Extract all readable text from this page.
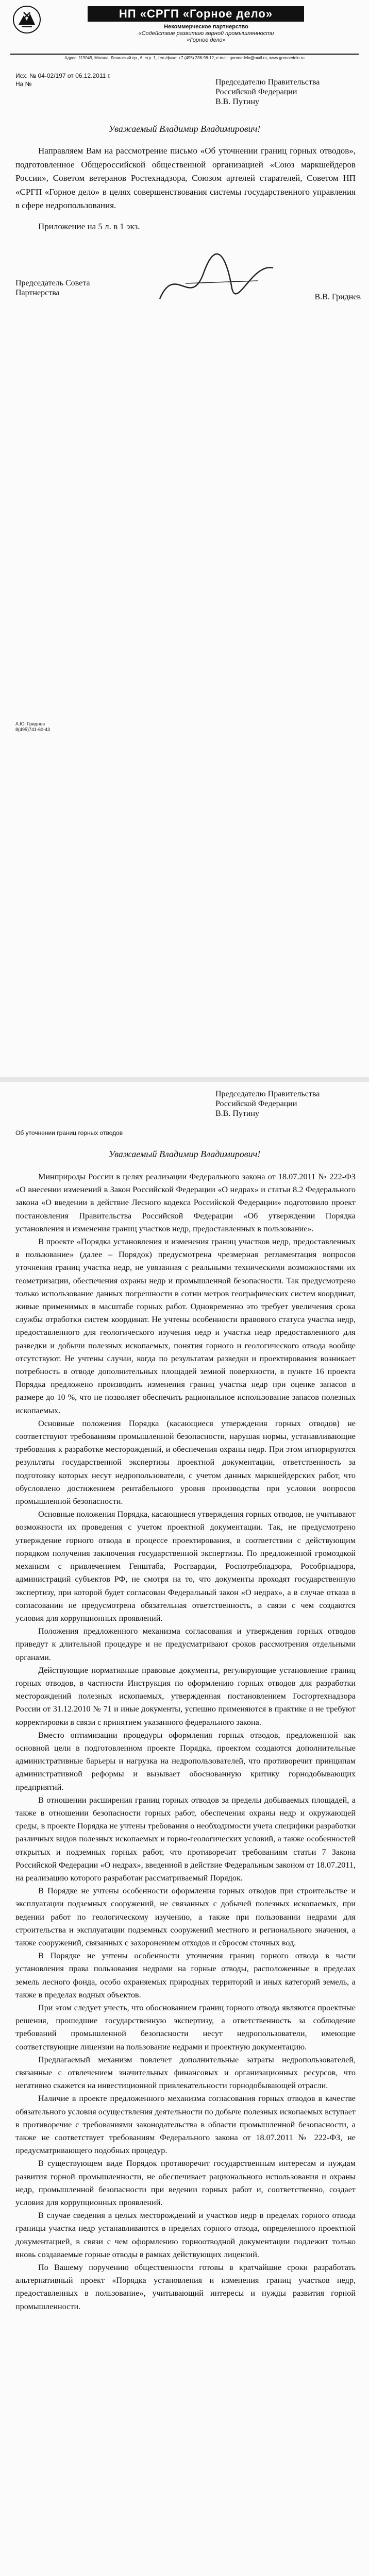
НП «СРГП «Горное дело»
Некоммерческое партнерство
«Содействие развитию горной промышленности
«Горное дело»
Адрес: 119049, Москва, Ленинский пр., 6, стр. 1, тел./факс: +7 (495) 236-98-12, e-mail: gornoedelo@mail.ru, www.gornoedelo.ru
Исх. № 04-02/197 от 06.12.2011 г.
На №	Председателю Правительства
Российской Федерации
В.В. Путину
Уважаемый Владимир Владимирович!

Направляем Вам на рассмотрение письмо «Об уточнении границ горных отводов», подготовленное Общероссийской общественной организацией «Союз маркшейдеров России», Советом ветеранов Ростехнадзора, Союзом артелей старателей, Советом НП «СРГП «Горное дело» в целях совершенствования системы государственного управления в сфере недропользования.

Приложение на 5 л. в 1 экз.

Председатель Совета
Партнерства	В.В. Гриднев
А.Ю. Гриднев
8(495)741-60-43
Председателю Правительства
Российской Федерации
В.В. Путину
Об уточнении границ горных отводов
Уважаемый Владимир Владимирович!

Минприроды России в целях реализации Федерального закона от 18.07.2011 № 222-ФЗ «О внесении изменений в Закон Российской Федерации «О недрах» и статьи 8.2 Федерального закона «О введении в действие Лесного кодекса Российской Федерации» подготовило проект постановления Правительства Российской Федерации «Об утверждении Порядка установления и изменения границ участков недр, предоставленных в пользование».

В проекте «Порядка установления и изменения границ участков недр, предоставленных в пользование» (далее – Порядок) предусмотрена чрезмерная регламентация вопросов уточнения границ участка недр, не увязанная с реальными техническими возможностями их геометризации, обеспечения охраны недр и промышленной безопасности. Так предусмотрено только использование данных погрешности в сотни метров географических систем координат, живые применимых в масштабе горных работ. Одновременно это требует увеличения срока службы отработки систем координат. Не учтены особенности правового статуса участка недр, предоставленного для геологического изучения недр и участка недр предоставленного для разведки и добычи полезных ископаемых, понятия горного и геологического отвода вообще отсутствуют. Не учтены случаи, когда по результатам разведки и проектирования возникает потребность в отводе дополнительных площадей земной поверхности, в пункте 16 проекта Порядка предложено производить изменения границ участка недр при оценке запасов в размере до 10 %, что не позволяет обеспечить рациональное использование запасов полезных ископаемых.

Основные положения Порядка (касающиеся утверждения горных отводов) не соответствуют требованиям промышленной безопасности, нарушая нормы, устанавливающие требования к разработке месторождений, и обеспечения охраны недр. При этом игнорируются результаты государственной экспертизы проектной документации, ответственность за подготовку которых несут недропользователи, с учетом данных маркшейдерских работ, что обусловлено достижением рентабельного уровня производства при условии вопросов промышленной безопасности.

Основные положения Порядка, касающиеся утверждения горных отводов, не учитывают возможности их проведения с учетом проектной документации. Так, не предусмотрено утверждение горного отвода в процессе проектирования, в соответствии с действующим порядком получения заключения государственной экспертизы. По предложенной громоздкой механизм с привлечением Генштаба, Росгвардии, Роспотребнадзора, Рособрнадзора, администраций субъектов РФ, не смотря на то, что документы проходят государственную экспертизу, при которой будет согласован Федеральный закон «О недрах», а в случае отказа в согласовании не предусмотрена обязательная ответственность, в связи с чем создаются условия для коррупционных проявлений.

Положения предложенного механизма согласования и утверждения горных отводов приведут к длительной процедуре и не предусматривают сроков рассмотрения отдельными органами.

Действующие нормативные правовые документы, регулирующие установление границ горных отводов, в частности Инструкция по оформлению горных отводов для разработки месторождений полезных ископаемых, утвержденная постановлением Госгортехнадзора России от 31.12.2010 № 71 и иные документы, успешно применяются в практике и не требуют корректировки в связи с принятием указанного федерального закона.

Вместо оптимизации процедуры оформления горных отводов, предложенной как основной цели в подготовленном проекте Порядка, проектом создаются дополнительные административные барьеры и нагрузка на недропользователей, что противоречит принципам административной реформы и вызывает обоснованную критику горнодобывающих предприятий.

В отношении расширения границ горных отводов за пределы добываемых площадей, а также в отношении безопасности горных работ, обеспечения охраны недр и окружающей среды, в проекте Порядка не учтены требования о необходимости учета специфики разработки различных видов полезных ископаемых и горно-геологических условий, а также особенностей открытых и подземных горных работ, что противоречит требованиям статьи 7 Закона Российской Федерации «О недрах», введенной в действие Федеральным законом от 18.07.2011, на реализацию которого разработан рассматриваемый Порядок.

В Порядке не учтены особенности оформления горных отводов при строительстве и эксплуатации подземных сооружений, не связанных с добычей полезных ископаемых, при ведении работ по геологическому изучению, а также при пользовании недрами для строительства и эксплуатации подземных сооружений местного и регионального значения, а также сооружений, связанных с захоронением отходов и сбросом сточных вод.

В Порядке не учтены особенности уточнения границ горного отвода в части установления права пользования недрами на горные отводы, расположенные в пределах земель лесного фонда, особо охраняемых природных территорий и иных категорий земель, а также в пределах водных объектов.

При этом следует учесть, что обоснованием границ горного отвода являются проектные решения, прошедшие государственную экспертизу, а ответственность за соблюдение требований промышленной безопасности несут недропользователи, имеющие соответствующие лицензии на пользование недрами и проектную документацию.

Предлагаемый механизм повлечет дополнительные затраты недропользователей, связанные с отвлечением значительных финансовых и организационных ресурсов, что негативно скажется на инвестиционной привлекательности горнодобывающей отрасли.

Наличие в проекте предложенного механизма согласования горных отводов в качестве обязательного условия осуществления деятельности по добыче полезных ископаемых вступает в противоречие с требованиями законодательства в области промышленной безопасности, а также не соответствует требованиям Федерального закона от 18.07.2011 № 222-ФЗ, не предусматривающего подобных процедур.

В существующем виде Порядок противоречит государственным интересам и нуждам развития горной промышленности, не обеспечивает рационального использования и охраны недр, промышленной безопасности при ведении горных работ и, соответственно, создает условия для коррупционных проявлений.

В случае сведения в целых месторождений и участков недр в пределах горного отвода границы участка недр устанавливаются в пределах горного отвода, определенного проектной документацией, в связи с чем оформлению горноотводной документации подлежит только вновь создаваемые горные отводы в рамках действующих лицензий.

По Вашему поручению общественности готовы в кратчайшие сроки разработать альтернативный проект «Порядка установления и изменения границ участков недр, предоставленных в пользование», учитывающий интересы и нужды развития горной промышленности.
